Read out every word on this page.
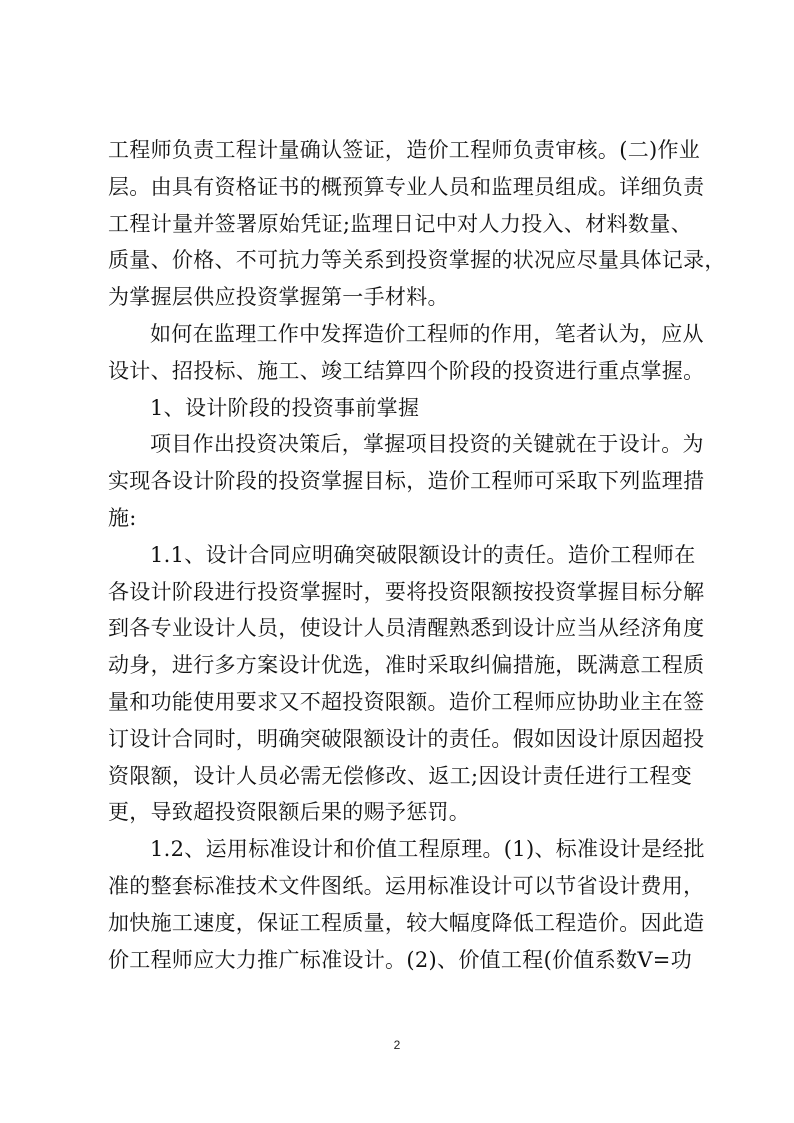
工程师负责工程计量确认签证，造价工程师负责审核。(二)作业
层。由具有资格证书的概预算专业人员和监理员组成。详细负责
工程计量并签署原始凭证;监理日记中对人力投入、材料数量、
质量、价格、不可抗力等关系到投资掌握的状况应尽量具体记录，
为掌握层供应投资掌握第一手材料。
如何在监理工作中发挥造价工程师的作用，笔者认为，应从
设计、招投标、施工、竣工结算四个阶段的投资进行重点掌握。
1、设计阶段的投资事前掌握
项目作出投资决策后，掌握项目投资的关键就在于设计。为
实现各设计阶段的投资掌握目标，造价工程师可采取下列监理措
施:
1.1、设计合同应明确突破限额设计的责任。造价工程师在
各设计阶段进行投资掌握时，要将投资限额按投资掌握目标分解
到各专业设计人员，使设计人员清醒熟悉到设计应当从经济角度
动身，进行多方案设计优选，准时采取纠偏措施，既满意工程质
量和功能使用要求又不超投资限额。造价工程师应协助业主在签
订设计合同时，明确突破限额设计的责任。假如因设计原因超投
资限额，设计人员必需无偿修改、返工;因设计责任进行工程变
更，导致超投资限额后果的赐予惩罚。
1.2、运用标准设计和价值工程原理。(1)、标准设计是经批
准的整套标准技术文件图纸。运用标准设计可以节省设计费用，
加快施工速度，保证工程质量，较大幅度降低工程造价。因此造
价工程师应大力推广标准设计。(2)、价值工程(价值系数V=功
2
